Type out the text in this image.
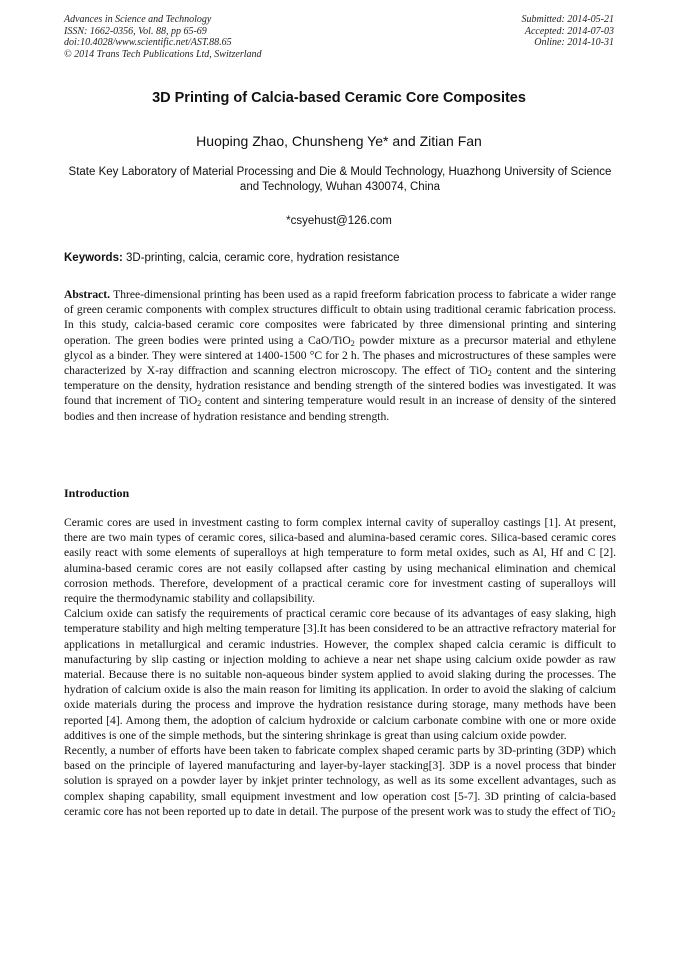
Advances in Science and Technology
ISSN: 1662-0356, Vol. 88, pp 65-69
doi:10.4028/www.scientific.net/AST.88.65
© 2014 Trans Tech Publications Ltd, Switzerland
Submitted: 2014-05-21
Accepted: 2014-07-03
Online: 2014-10-31
3D Printing of Calcia-based Ceramic Core Composites
Huoping Zhao, Chunsheng Ye* and Zitian Fan
State Key Laboratory of Material Processing and Die & Mould Technology, Huazhong University of Science and Technology, Wuhan 430074, China
*csyehust@126.com
Keywords: 3D-printing, calcia, ceramic core, hydration resistance
Abstract. Three-dimensional printing has been used as a rapid freeform fabrication process to fabricate a wider range of green ceramic components with complex structures difficult to obtain using traditional ceramic fabrication process. In this study, calcia-based ceramic core composites were fabricated by three dimensional printing and sintering operation. The green bodies were printed using a CaO/TiO$_2$ powder mixture as a precursor material and ethylene glycol as a binder. They were sintered at 1400-1500 °C for 2 h. The phases and microstructures of these samples were characterized by X-ray diffraction and scanning electron microscopy. The effect of TiO$_2$ content and the sintering temperature on the density, hydration resistance and bending strength of the sintered bodies was investigated. It was found that increment of TiO$_2$ content and sintering temperature would result in an increase of density of the sintered bodies and then increase of hydration resistance and bending strength.
Introduction

Ceramic cores are used in investment casting to form complex internal cavity of superalloy castings [1]. At present, there are two main types of ceramic cores, silica-based and alumina-based ceramic cores. Silica-based ceramic cores easily react with some elements of superalloys at high temperature to form metal oxides, such as Al, Hf and C [2]. alumina-based ceramic cores are not easily collapsed after casting by using mechanical elimination and chemical corrosion methods. Therefore, development of a practical ceramic core for investment casting of superalloys will require the thermodynamic stability and collapsibility.

Calcium oxide can satisfy the requirements of practical ceramic core because of its advantages of easy slaking, high temperature stability and high melting temperature [3].It has been considered to be an attractive refractory material for applications in metallurgical and ceramic industries. However, the complex shaped calcia ceramic is difficult to manufacturing by slip casting or injection molding to achieve a near net shape using calcium oxide powder as raw material. Because there is no suitable non-aqueous binder system applied to avoid slaking during the processes. The hydration of calcium oxide is also the main reason for limiting its application. In order to avoid the slaking of calcium oxide materials during the process and improve the hydration resistance during storage, many methods have been reported [4]. Among them, the adoption of calcium hydroxide or calcium carbonate combine with one or more oxide additives is one of the simple methods, but the sintering shrinkage is great than using calcium oxide powder.

Recently, a number of efforts have been taken to fabricate complex shaped ceramic parts by 3D-printing (3DP) which based on the principle of layered manufacturing and layer-by-layer stacking[3]. 3DP is a novel process that binder solution is sprayed on a powder layer by inkjet printer technology, as well as its some excellent advantages, such as complex shaping capability, small equipment investment and low operation cost [5-7]. 3D printing of calcia-based ceramic core has not been reported up to date in detail. The purpose of the present work was to study the effect of TiO$_2$
